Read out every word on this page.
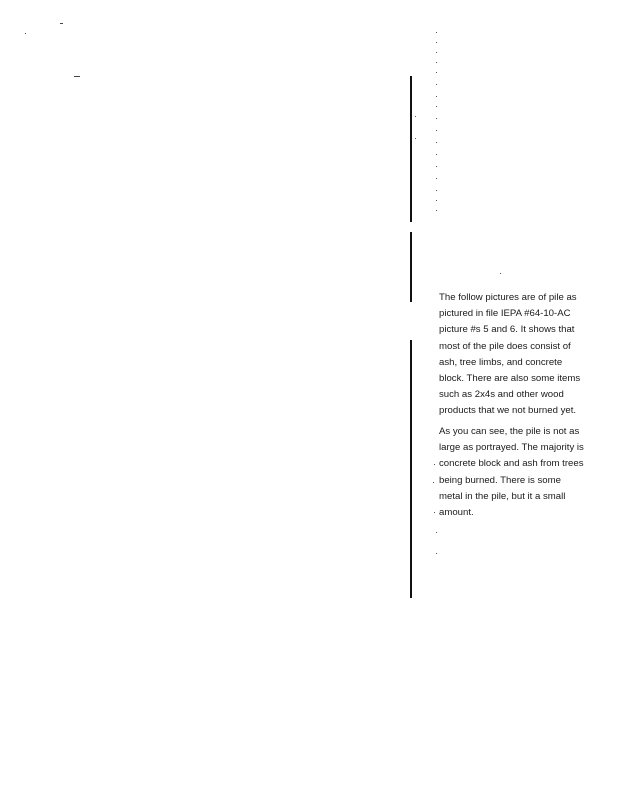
The follow pictures are of pile as
pictured in file IEPA #64-10-AC
picture #s 5 and 6. It shows that
most of the pile does consist of
ash, tree limbs, and concrete
block. There are also some items
such as 2x4s and other wood
products that we not burned yet.
As you can see, the pile is not as
large as portrayed. The majority is
concrete block and ash from trees
being burned. There is some
metal in the pile, but it a small
amount.
